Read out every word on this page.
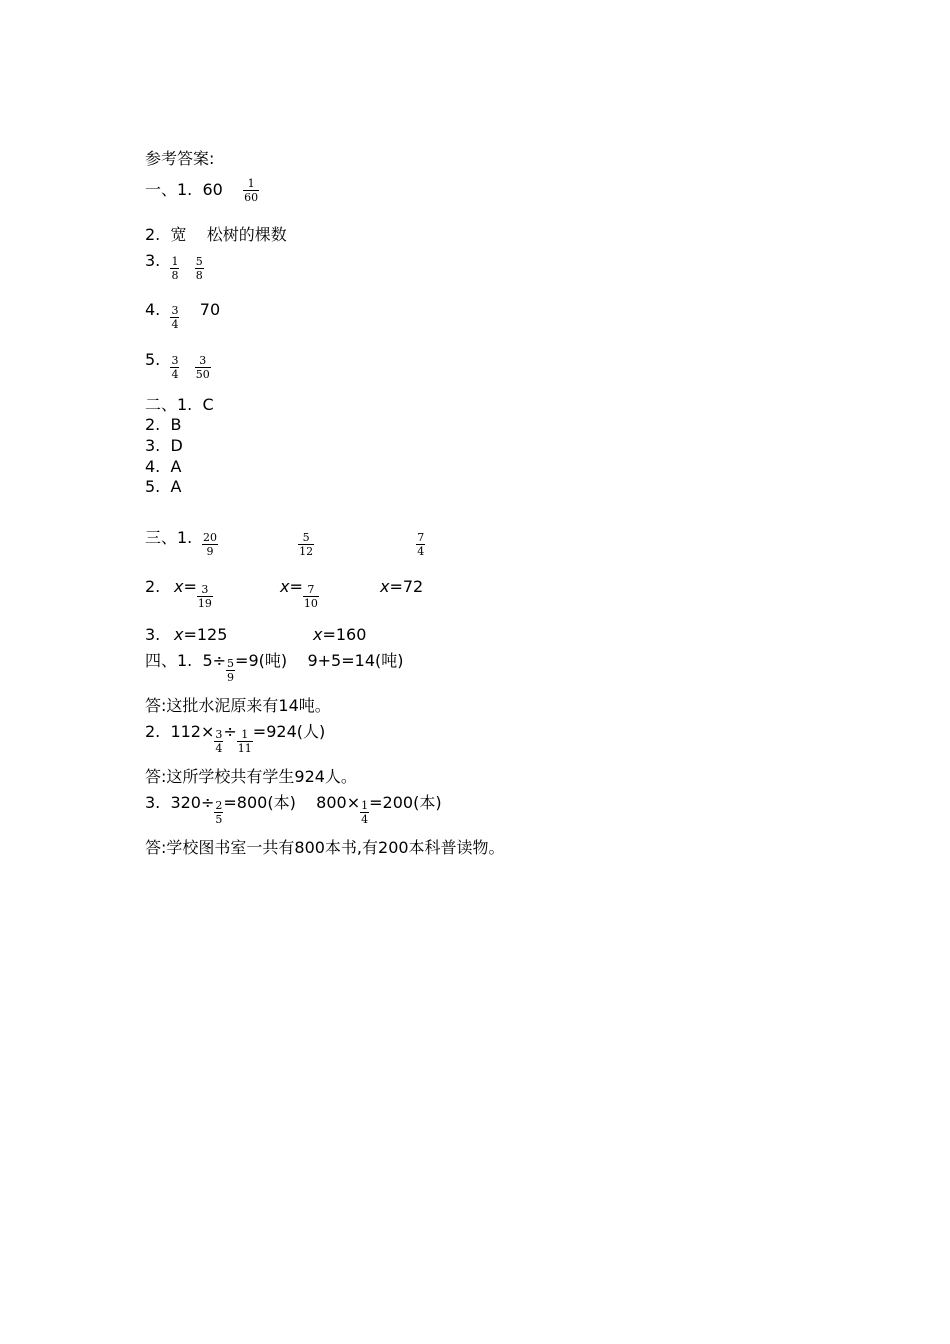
参考答案:
一、1. $60 \frac{1}{60}$
2. 宽 松树的棵数
3. $\frac{1}{8}$
$\frac{5}{8}$
4. $\frac{3}{4} 70$
5. $\frac{3}{4}$
$\frac{3}{50}$
二、1. C
2. B
3. D
4. A
5. A
三、1. $\frac{20}{9}$
	$\frac{5}{12}$
	$\frac{7}{4}$
2. $x= \frac{3}{19}$	$x= \frac{7}{10}$	x=72
3. x=125	x=160
四、1. $5\div \frac{5}{9} =9$(吨) 9+5=14(吨)
答:这批水泥原来有14吨。
2. $112\times \frac{3}{4} \div \frac{1}{11} =924$(人)
答:这所学校共有学生924人。
3. $320\div \frac{2}{5} =800$(本) $800\times \frac{1}{4} =200$(本)
答:学校图书室一共有800本书,有200本科普读物。
